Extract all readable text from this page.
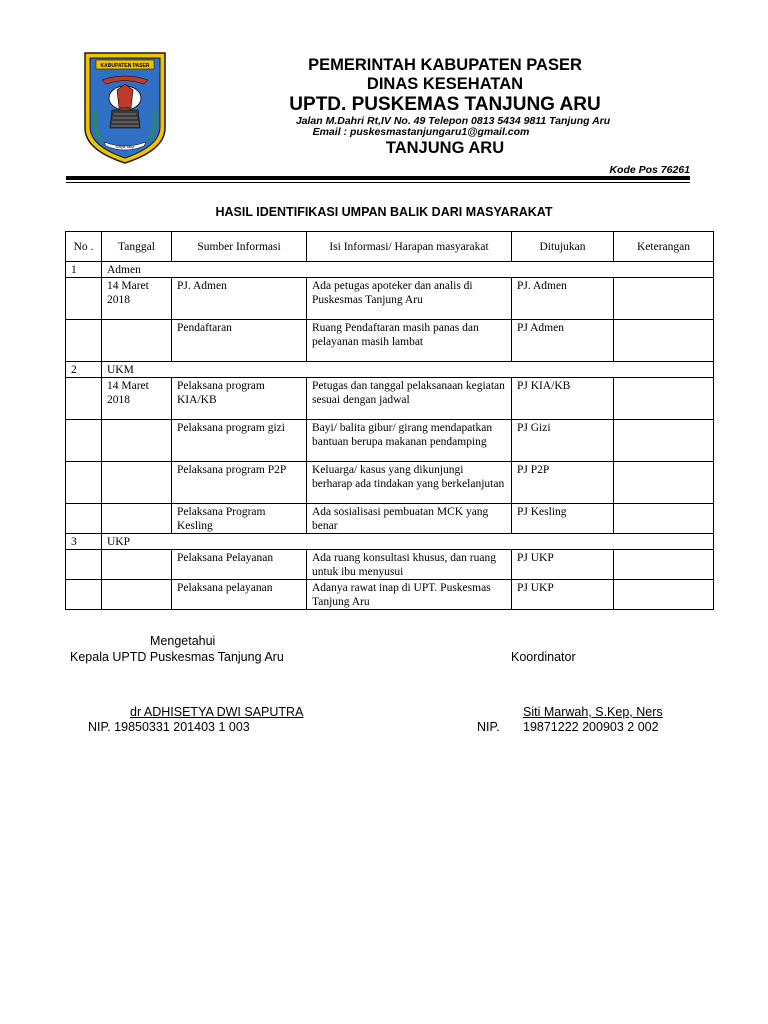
KABUPATEN PASER
Daya Taka
PEMERINTAH KABUPATEN PASER
DINAS KESEHATAN
UPTD. PUSKEMAS TANJUNG ARU
Jalan M.Dahri Rt,IV No. 49 Telepon 0813 5434 9811 Tanjung Aru
Email : puskesmastanjungaru1@gmail.com
TANJUNG ARU
Kode Pos 76261
HASIL IDENTIFIKASI UMPAN BALIK DARI MASYARAKAT
No .	Tanggal	Sumber Informasi	Isi Informasi/ Harapan masyarakat	Ditujukan	Keterangan
1	Admen				
	14 Maret 2018	PJ. Admen	Ada petugas apoteker dan analis di Puskesmas Tanjung Aru	PJ. Admen	
		Pendaftaran	Ruang Pendaftaran masih panas dan pelayanan masih lambat	PJ Admen	
2	UKM				
	14 Maret 2018	Pelaksana program KIA/KB	Petugas dan tanggal pelaksanaan kegiatan sesuai dengan jadwal	PJ KIA/KB	
		Pelaksana program gizi	Bayi/ balita gibur/ girang mendapatkan bantuan berupa makanan pendamping	PJ Gizi	
		Pelaksana program P2P	Keluarga/ kasus yang dikunjungi berharap ada tindakan yang berkelanjutan	PJ P2P	
		Pelaksana Program Kesling	Ada sosialisasi pembuatan MCK yang benar	PJ Kesling	
3	UKP				
		Pelaksana Pelayanan	Ada ruang konsultasi khusus, dan ruang untuk ibu menyusui	PJ UKP	
		Pelaksana pelayanan	Adanya rawat inap di UPT. Puskesmas Tanjung Aru	PJ UKP	
Mengetahui
Kepala UPTD Puskesmas Tanjung Aru	Koordinator
dr ADHISETYA DWI SAPUTRA
NIP. 19850331 201403 1 003
Siti Marwah, S.Kep, Ners
NIP. 19871222 200903 2 002
